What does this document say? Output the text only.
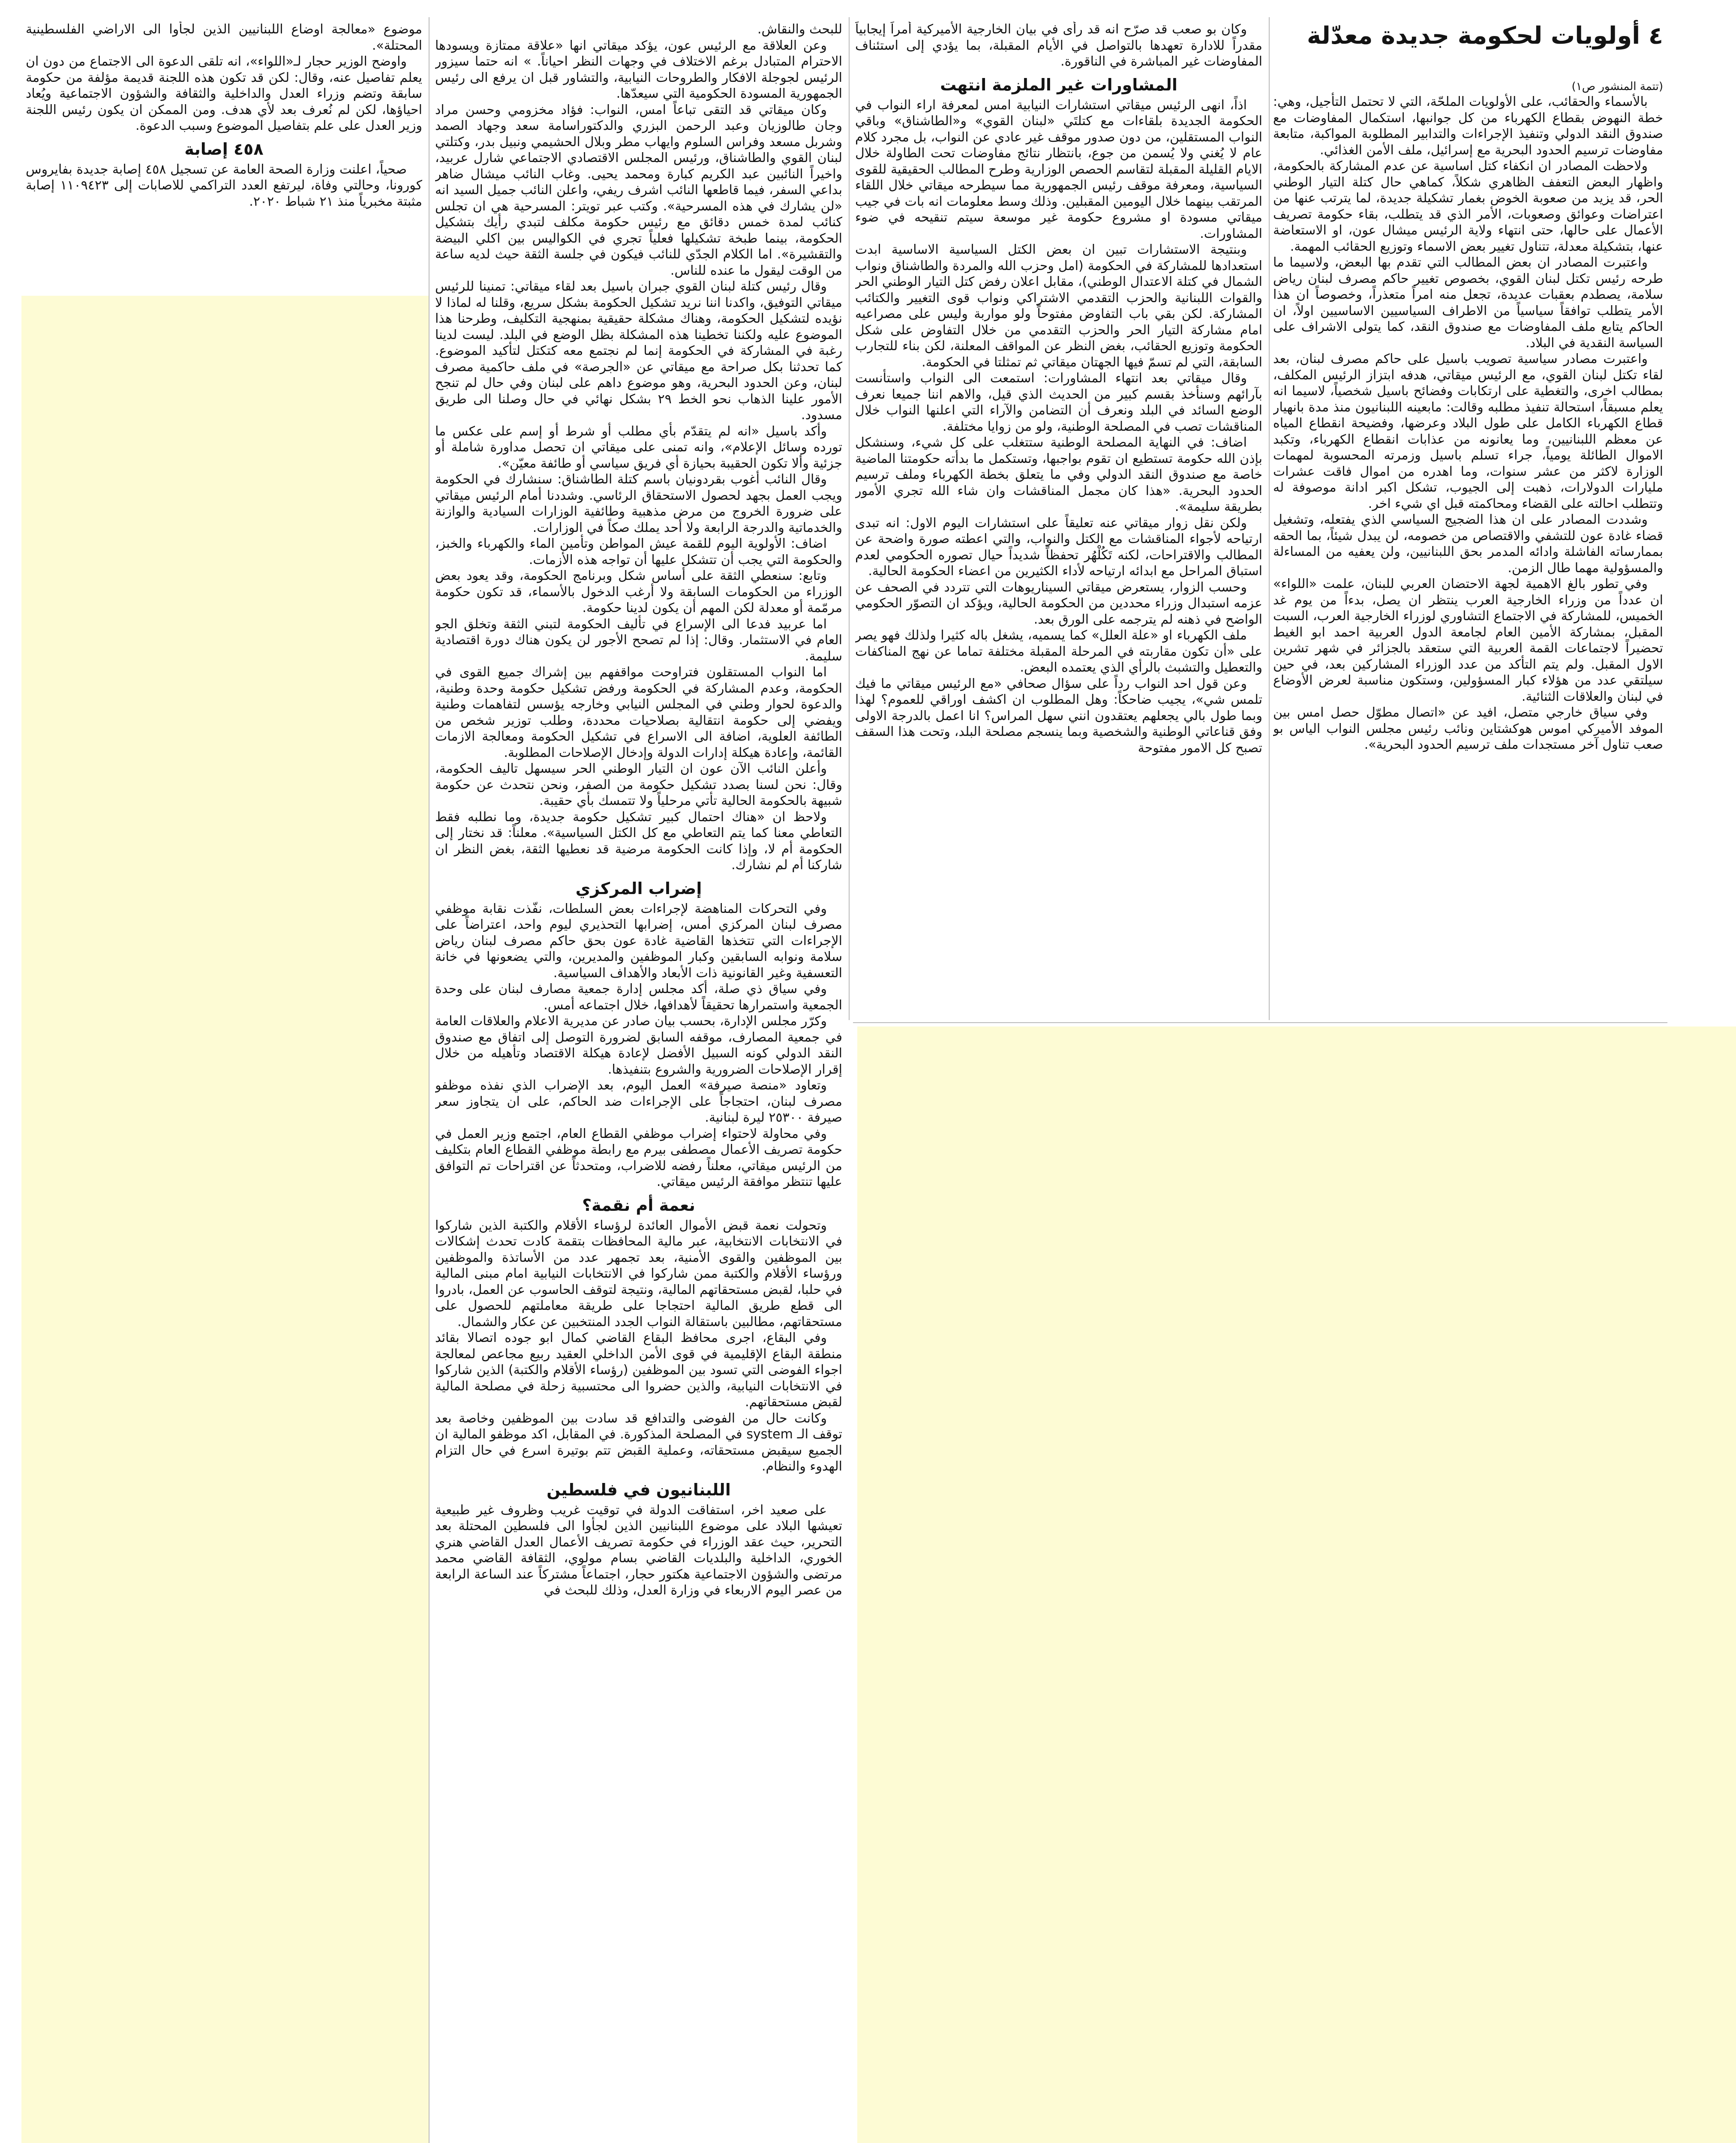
٤ أولويات لحكومة جديدة معدّلة

(تتمة المنشور ص١)

بالأسماء والحقائب، على الأولويات الملحّة، التي لا تحتمل التأجيل، وهي: خطة النهوض بقطاع الكهرباء من كل جوانبها، استكمال المفاوضات مع صندوق النقد الدولي وتنفيذ الإجراءات والتدابير المطلوبة المواكبة، متابعة مفاوضات ترسيم الحدود البحرية مع إسرائيل، ملف الأمن الغذائي.

ولاحظت المصادر ان انكفاء كتل اساسية عن عدم المشاركة بالحكومة، واظهار البعض التعفف الظاهري شكلاً، كماهي حال كتلة التيار الوطني الحر، قد يزيد من صعوبة الخوض بغمار تشكيلة جديدة، لما يترتب عنها من اعتراضات وعوائق وصعوبات، الأمر الذي قد يتطلب، بقاء حكومة تصريف الأعمال على حالها، حتى انتهاء ولاية الرئيس ميشال عون، او الاستعاضة عنها، بتشكيلة معدلة، تتناول تغيير بعض الاسماء وتوزيع الحقائب المهمة.

واعتبرت المصادر ان بعض المطالب التي تقدم بها البعض، ولاسيما ما طرحه رئيس تكتل لبنان القوي، بخصوص تغيير حاكم مصرف لبنان رياض سلامة، يصطدم بعقبات عديدة، تجعل منه امراً متعذراً، وخصوصاً ان هذا الأمر يتطلب توافقاً سياسياً من الاطراف السياسيين الاساسيين اولاً، ان الحاكم يتابع ملف المفاوضات مع صندوق النقد، كما يتولى الاشراف على السياسة النقدية في البلاد.

واعتبرت مصادر سياسية تصويب باسيل على حاكم مصرف لبنان، بعد لقاء تكتل لبنان القوي، مع الرئيس ميقاتي، هدفه ابتزاز الرئيس المكلف، بمطالب اخرى، والتغطية على ارتكابات وفضائح باسيل شخصياً، لاسيما انه يعلم مسبقاً، استحالة تنفيذ مطلبه وقالت: مابعينه اللبنانيون منذ مدة بانهيار قطاع الكهرباء الكامل على طول البلاد وعرضها، وفضيحة انقطاع المياه عن معظم اللبنانيين، وما يعانونه من عذابات انقطاع الكهرباء، وتكبد الاموال الطائلة يومياً، جراء تسلم باسيل وزمرته المحسوبة لمهمات الوزارة لاكثر من عشر سنوات، وما اهدره من اموال فاقت عشرات مليارات الدولارات، ذهبت إلى الجيوب، تشكل اكبر ادانة موصوفة له وتتطلب احالته على القضاء ومحاكمته قبل اي شيء اخر.

وشددت المصادر على ان هذا الضجيج السياسي الذي يفتعله، وتشغيل قضاء غادة عون للتشفي والاقتصاص من خصومه، لن يبدل شيئاً، بما الحقه بممارساته الفاشلة وادائه المدمر بحق اللبنانيين، ولن يعفيه من المساءلة والمسؤولية مهما طال الزمن.

وفي تطور بالغ الاهمية لجهة الاحتضان العربي للبنان، علمت «اللواء» ان عدداً من وزراء الخارجية العرب ينتظر ان يصل، بدءاً من يوم غد الخميس، للمشاركة في الاجتماع التشاوري لوزراء الخارجية العرب، السبت المقبل، بمشاركة الأمين العام لجامعة الدول العربية احمد ابو الغيط تحضيراً لاجتماعات القمة العربية التي ستعقد بالجزائر في شهر تشرين الاول المقبل. ولم يتم التأكد من عدد الوزراء المشاركين بعد، في حين سيلتقي عدد من هؤلاء كبار المسؤولين، وستكون مناسبة لعرض الأوضاع في لبنان والعلاقات الثنائية.

وفي سياق خارجي متصل، افيد عن «اتصال مطوّل حصل امس بين الموفد الأميركي اموس هوكشتاين ونائب رئيس مجلس النواب الياس بو صعب تناول آخر مستجدات ملف ترسيم الحدود البحرية».

وكان بو صعب قد صرّح انه قد رأى في بيان الخارجية الأميركية أمراً إيجابياً مقدراً للادارة تعهدها بالتواصل في الأيام المقبلة، بما يؤدي إلى استئناف المفاوضات غير المباشرة في الناقورة.

المشاورات غير الملزمة انتهت

اذاً، انهى الرئيس ميقاتي استشارات النيابية امس لمعرفة اراء النواب في الحكومة الجديدة بلقاءات مع كتلتَي «لبنان القوي» و«الطاشناق» وباقي النواب المستقلين، من دون صدور موقف غير عادي عن النواب، بل مجرد كلام عام لا يُغني ولا يُسمن من جوع، بانتظار نتائج مفاوضات تحت الطاولة خلال الايام القليلة المقبلة لتقاسم الحصص الوزارية وطرح المطالب الحقيقية للقوى السياسية، ومعرفة موقف رئيس الجمهورية مما سيطرحه ميقاتي خلال اللقاء المرتقب بينهما خلال اليومين المقبلين. وذلك وسط معلومات انه بات في جيب ميقاتي مسودة او مشروع حكومة غير موسعة سيتم تنقيحه في ضوء المشاورات.

وبنتيجة الاستشارات تبين ان بعض الكتل السياسية الاساسية ابدت استعدادها للمشاركة في الحكومة (امل وحزب الله والمردة والطاشناق ونواب الشمال في كتلة الاعتدال الوطني)، مقابل اعلان رفض كتل التيار الوطني الحر والقوات اللبنانية والحزب التقدمي الاشتراكي ونواب قوى التغيير والكتائب المشاركة. لكن بقي باب التفاوض مفتوحاً ولو مواربة وليس على مصراعيه امام مشاركة التيار الحر والحزب التقدمي من خلال التفاوض على شكل الحكومة وتوزيع الحقائب، بغض النظر عن المواقف المعلنة، لكن بناء للتجارب السابقة، التي لم تسمّ فيها الجهتان ميقاتي ثم تمثلتا في الحكومة.

وقال ميقاتي بعد انتهاء المشاورات: استمعت الى النواب واستأنست بآرائهم وسنأخذ بقسم كبير من الحديث الذي قيل، والاهم اننا جميعا نعرف الوضع السائد في البلد ونعرف أن التضامن والآراء التي اعلنها النواب خلال المناقشات تصب في المصلحة الوطنية، ولو من زوايا مختلفة.

اضاف: في النهاية المصلحة الوطنية ستتغلب على كل شيء، وسنشكل بإذن الله حكومة تستطيع ان تقوم بواجبها، وتستكمل ما بدأته حكومتنا الماضية خاصة مع صندوق النقد الدولي وفي ما يتعلق بخطة الكهرباء وملف ترسيم الحدود البحرية. «هذا كان مجمل المناقشات وان شاء الله تجري الأمور بطريقة سليمة».

ولكن نقل زوار ميقاتي عنه تعليقاً على استشارات اليوم الاول: انه تبدى ارتياحه لأجواء المناقشات مع الكتل والنواب، والتي اعطته صورة واضحة عن المطالب والاقتراحات، لكنه تَكُلْهُر تحفظاً شديداً حيال تصوره الحكومي لعدم استباق المراحل مع ابدائه ارتياحه لأداء الكثيرين من اعضاء الحكومة الحالية.

وحسب الزوار، يستعرض ميقاتي السيناريوهات التي تتردد في الصحف عن عزمه استبدال وزراء محددين من الحكومة الحالية، ويؤكد ان التصوّر الحكومي الواضح في ذهنه لم يترجمه على الورق بعد.

ملف الكهرباء او «علة العلل» كما يسميه، يشغل باله كثيرا ولذلك فهو يصر على «أن تكون مقاربته في المرحلة المقبلة مختلفة تماما عن نهج المناكفات والتعطيل والتشبث بالرأي الذي يعتمده البعض.

وعن قول احد النواب رداً على سؤال صحافي «مع الرئيس ميقاتي ما فيك تلمس شي»، يجيب ضاحكاً: وهل المطلوب ان اكشف اوراقي للعموم؟ لهذا وبما طول بالي يجعلهم يعتقدون انني سهل المراس؟ انا اعمل بالدرجة الاولى وفق قناعاتي الوطنية والشخصية وبما ينسجم مصلحة البلد، وتحت هذا السقف تصبح كل الامور مفتوحة

للبحث والنقاش.

وعن العلاقة مع الرئيس عون، يؤكد ميقاتي انها «علاقة ممتازة ويسودها الاحترام المتبادل برغم الاختلاف في وجهات النظر احياناً. » انه حتما سيزور الرئيس لجوجلة الافكار والطروحات النيابية، والتشاور قبل ان يرفع الى رئيس الجمهورية المسودة الحكومية التي سيعدّها.

وكان ميقاتي قد التقى تباعاً امس، النواب: فؤاد مخزومي وحسن مراد وجان طالوزيان وعبد الرحمن البزري والدكتوراسامة سعد وجهاد الصمد وشربل مسعد وفراس السلوم وايهاب مطر وبلال الحشيمي ونبيل بدر، وكتلتي لبنان القوي والطاشناق، ورئيس المجلس الاقتصادي الاجتماعي شارل عربيد، واخيراً النائبين عبد الكريم كبارة ومحمد يحيى. وغاب النائب ميشال ضاهر بداعي السفر، فيما قاطعها النائب اشرف ريفي، واعلن النائب جميل السيد انه «لن يشارك في هذه المسرحية». وكتب عبر تويتر: المسرحية هي ان تجلس كنائب لمدة خمس دقائق مع رئيس حكومة مكلف لتبدي رأيك بتشكيل الحكومة، بينما طبخة تشكيلها فعلياً تجري في الكواليس بين اكلي البيضة والتقشيرة». اما الكلام الجدّي للنائب فيكون في جلسة الثقة حيث لديه ساعة من الوقت ليقول ما عنده للناس.

وقال رئيس كتلة لبنان القوي جبران باسيل بعد لقاء ميقاتي: تمنينا للرئيس ميقاتي التوفيق، واكدنا اننا نريد تشكيل الحكومة بشكل سريع، وقلنا له لماذا لا نؤيده لتشكيل الحكومة، وهناك مشكلة حقيقية بمنهجية التكليف، وطرحنا هذا الموضوع عليه ولكننا تخطينا هذه المشكلة بظل الوضع في البلد. ليست لدينا رغبة في المشاركة في الحكومة إنما لم نجتمع معه كتكتل لتأكيد الموضوع. كما تحدثنا بكل صراحة مع ميقاتي عن «الجرصة» في ملف حاكمية مصرف لبنان، وعن الحدود البحرية، وهو موضوع داهم على لبنان وفي حال لم تنجح الأمور علينا الذهاب نحو الخط ٢٩ بشكل نهائي في حال وصلنا الى طريق مسدود.

وأكد باسيل «انه لم يتقدّم بأي مطلب أو شرط أو إسم على عكس ما تورده وسائل الإعلام»، وانه تمنى على ميقاتي ان تحصل مداورة شاملة أو جزئية وألا تكون الحقيبة بحيازة أي فريق سياسي أو طائفة معيّن».

وقال النائب أغوب بقردونيان باسم كتلة الطاشناق: سنشارك في الحكومة ويجب العمل بجهد لحصول الاستحقاق الرئاسي. وشددنا أمام الرئيس ميقاتي على ضرورة الخروج من مرض مذهبية وطائفية الوزارات السيادية والوازنة والخدماتية والدرجة الرابعة ولا أحد يملك صكاً في الوزارات.

اضاف: الأولوية اليوم للقمة عيش المواطن وتأمين الماء والكهرباء والخبز، والحكومة التي يجب أن تتشكل عليها أن تواجه هذه الأزمات.

وتابع: سنعطي الثقة على أساس شكل وبرنامج الحكومة، وقد يعود بعض الوزراء من الحكومات السابقة ولا أرغب الدخول بالأسماء، قد تكون حكومة مرمّمة أو معدلة لكن المهم أن يكون لدينا حكومة.

اما عربيد فدعا الى الإسراع في تأليف الحكومة لتبني الثقة وتخلق الجو العام في الاستثمار. وقال: إذا لم تصحح الأجور لن يكون هناك دورة اقتصادية سليمة.

اما النواب المستقلون فتراوحت مواقفهم بين إشراك جميع القوى في الحكومة، وعدم المشاركة في الحكومة ورفض تشكيل حكومة وحدة وطنية، والدعوة لحوار وطني في المجلس النيابي وخارجه يؤسس لتفاهمات وطنية ويفضي إلى حكومة انتقالية بصلاحيات محددة، وطلب توزير شخص من الطائفة العلوية، اضافة الى الاسراع في تشكيل الحكومة ومعالجة الازمات القائمة، وإعادة هيكلة إدارات الدولة وإدخال الإصلاحات المطلوبة.

وأعلن النائب الآن عون ان التيار الوطني الحر سيسهل تاليف الحكومة، وقال: نحن لسنا بصدد تشكيل حكومة من الصفر، ونحن نتحدث عن حكومة شبيهة بالحكومة الحالية تأتي مرحلياً ولا تتمسك بأي حقيبة.

ولاحظ ان «هناك احتمال كبير تشكيل حكومة جديدة، وما نطلبه فقط التعاطي معنا كما يتم التعاطي مع كل الكتل السياسية». معلناً: قد نختار إلى الحكومة أم لا، وإذا كانت الحكومة مرضية قد نعطيها الثقة، بغض النظر ان شاركنا أم لم نشارك.

إضراب المركزي

وفي التحركات المناهضة لإجراءات بعض السلطات، نفّذت نقابة موظفي مصرف لبنان المركزي أمس، إضرابها التحذيري ليوم واحد، اعتراضاً على الإجراءات التي تتخذها القاضية غادة عون بحق حاكم مصرف لبنان رياض سلامة ونوابه السابقين وكبار الموظفين والمديرين، والتي يضعونها في خانة التعسفية وغير القانونية ذات الأبعاد والأهداف السياسية.

وفي سياق ذي صلة، أكد مجلس إدارة جمعية مصارف لبنان على وحدة الجمعية واستمرارها تحقيقاً لأهدافها، خلال اجتماعه أمس.

وكرّر مجلس الإدارة، بحسب بيان صادر عن مديرية الاعلام والعلاقات العامة في جمعية المصارف، موقفه السابق لضرورة التوصل إلى اتفاق مع صندوق النقد الدولي كونه السبيل الأفضل لإعادة هيكلة الاقتصاد وتأهيله من خلال إقرار الإصلاحات الضرورية والشروع بتنفيذها.

وتعاود «منصة صيرفة» العمل اليوم، بعد الإضراب الذي نفذه موظفو مصرف لبنان، احتجاجاً على الإجراءات ضد الحاكم، على ان يتجاوز سعر صيرفة ٢٥٣٠٠ ليرة لبنانية.

وفي محاولة لاحتواء إضراب موظفي القطاع العام، اجتمع وزير العمل في حكومة تصريف الأعمال مصطفى بيرم مع رابطة موظفي القطاع العام بتكليف من الرئيس ميقاتي، معلناً رفضه للاضراب، ومتحدثاً عن اقتراحات تم التوافق عليها تنتظر موافقة الرئيس ميقاتي.

نعمة أم نقمة؟

وتحولت نعمة قبض الأموال العائدة لرؤساء الأقلام والكتبة الذين شاركوا في الانتخابات الانتخابية، عبر مالية المحافظات بتقمة كادت تحدث إشكالات بين الموظفين والقوى الأمنية، بعد تجمهر عدد من الأساتذة والموظفين ورؤساء الأقلام والكتبة ممن شاركوا في الانتخابات النيابية امام مبنى المالية في حلبا، لقبض مستحقاتهم المالية، ونتيجة لتوقف الحاسوب عن العمل، بادروا الى قطع طريق المالية احتجاجا على طريقة معاملتهم للحصول على مستحقاتهم، مطالبين باستقالة النواب الجدد المنتخبين عن عكار والشمال.

وفي البقاع، اجرى محافظ البقاع القاضي كمال ابو جوده اتصالا بقائد منطقة البقاع الإقليمية في قوى الأمن الداخلي العقيد ربيع مجاعص لمعالجة اجواء الفوضى التي تسود بين الموظفين (رؤساء الأقلام والكتبة) الذين شاركوا في الانتخابات النيابية، والذين حضروا الى محتسبية زحلة في مصلحة المالية لقبض مستحقاتهم.

وكانت حال من الفوضى والتدافع قد سادت بين الموظفين وخاصة بعد توقف الـ system في المصلحة المذكورة. في المقابل، اكد موظفو المالية ان الجميع سيقبض مستحقاته، وعملية القبض تتم بوتيرة اسرع في حال التزام الهدوء والنظام.

اللبنانيون في فلسطين

على صعيد اخر، استفاقت الدولة في توقيت غريب وظروف غير طبيعية تعيشها البلاد على موضوع اللبنانيين الذين لجأوا الى فلسطين المحتلة بعد التحرير، حيث عقد الوزراء في حكومة تصريف الأعمال العدل القاضي هنري الخوري، الداخلية والبلديات القاضي بسام مولوي، الثقافة القاضي محمد مرتضى والشؤون الاجتماعية هكتور حجار، اجتماعاً مشتركاً عند الساعة الرابعة من عصر اليوم الاربعاء في وزارة العدل، وذلك للبحث في

موضوع «معالجة اوضاع اللبنانيين الذين لجأوا الى الاراضي الفلسطينية المحتلة».

واوضح الوزير حجار لـ«اللواء»، انه تلقى الدعوة الى الاجتماع من دون ان يعلم تفاصيل عنه، وقال: لكن قد تكون هذه اللجنة قديمة مؤلفة من حكومة سابقة وتضم وزراء العدل والداخلية والثقافة والشؤون الاجتماعية ويُعاد احياؤها، لكن لم نُعرف بعد لأي هدف. ومن الممكن ان يكون رئيس اللجنة وزير العدل على علم بتفاصيل الموضوع وسبب الدعوة.

٤٥٨ إصابة

صحياً، اعلنت وزارة الصحة العامة عن تسجيل ٤٥٨ إصابة جديدة بفايروس كورونا، وحالتي وفاة، ليرتفع العدد التراكمي للاصابات إلى ١١٠٩٤٢٣ إصابة مثبتة مخبرياً منذ ٢١ شباط ٢٠٢٠.
